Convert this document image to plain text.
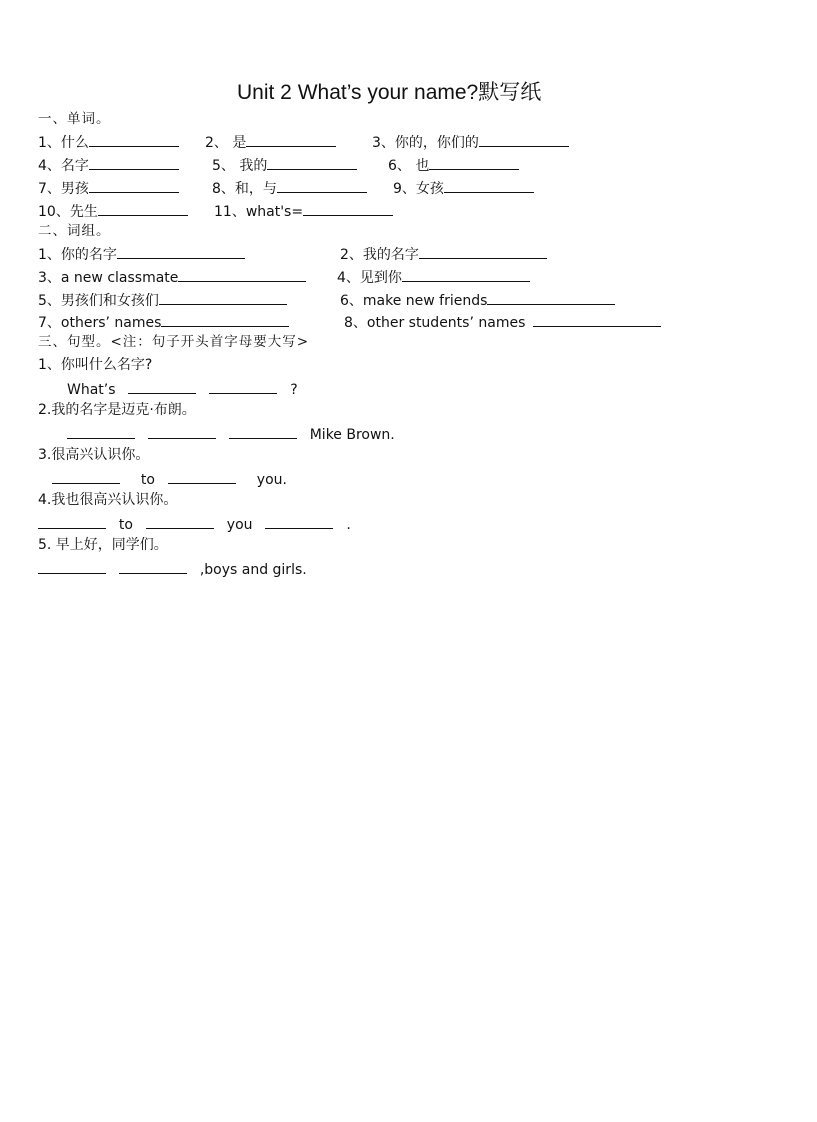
Unit 2 What’s your name?默写纸
一、单词。
1、什么	2、 是	3、你的，你们的
4、名字	5、 我的	6、 也
7、男孩	8、和，与	9、女孩
10、先生	11、what's=
二、词组。
1、你的名字	2、我的名字
3、a new classmate	4、见到你
5、男孩们和女孩们	6、make new friends
7、others’ names	8、other students’ names
三、句型。<注：句子开头首字母要大写>
1、你叫什么名字?
What’s	?
2.我的名字是迈克·布朗。
Mike Brown.
3.很高兴认识你。
to	you.
4.我也很高兴认识你。
to	you	.
5. 早上好，同学们。
,boys and girls.
